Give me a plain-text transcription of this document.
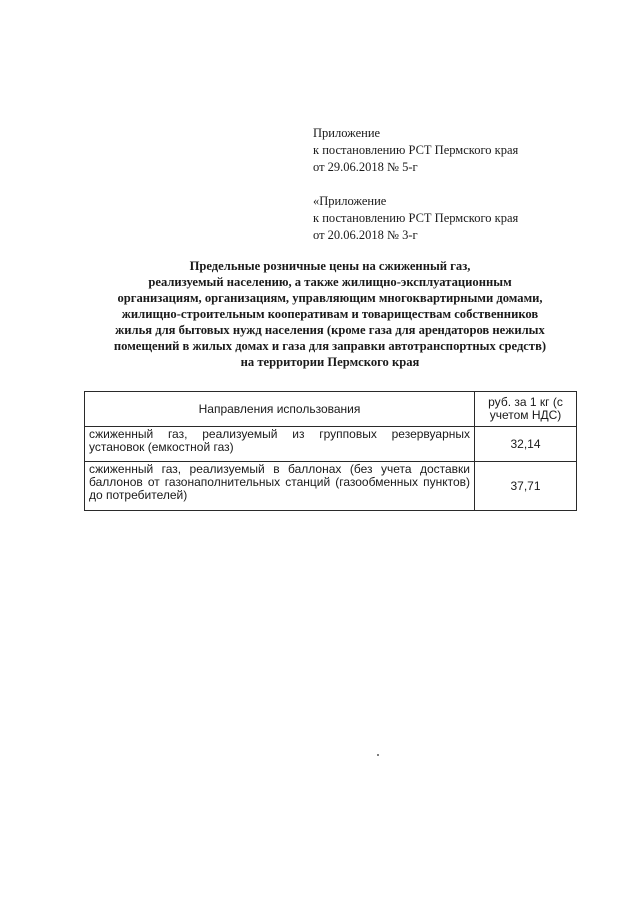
Приложение
к постановлению РСТ Пермского края
от 29.06.2018 № 5-г
«Приложение
к постановлению РСТ Пермского края
от 20.06.2018 № 3-г
Предельные розничные цены на сжиженный газ,
реализуемый населению, а также жилищно-эксплуатационным
организациям, организациям, управляющим многоквартирными домами,
жилищно-строительным кооперативам и товариществам собственников
жилья для бытовых нужд населения (кроме газа для арендаторов нежилых
помещений в жилых домах и газа для заправки автотранспортных средств)
на территории Пермского края
Направления использования	руб. за 1 кг (с учетом НДС)
сжиженный газ, реализуемый из групповых резервуарных установок (емкостной газ)	32,14
сжиженный газ, реализуемый в баллонах (без учета доставки баллонов от газонаполнительных станций (газообменных пунктов) до потребителей)	37,71
